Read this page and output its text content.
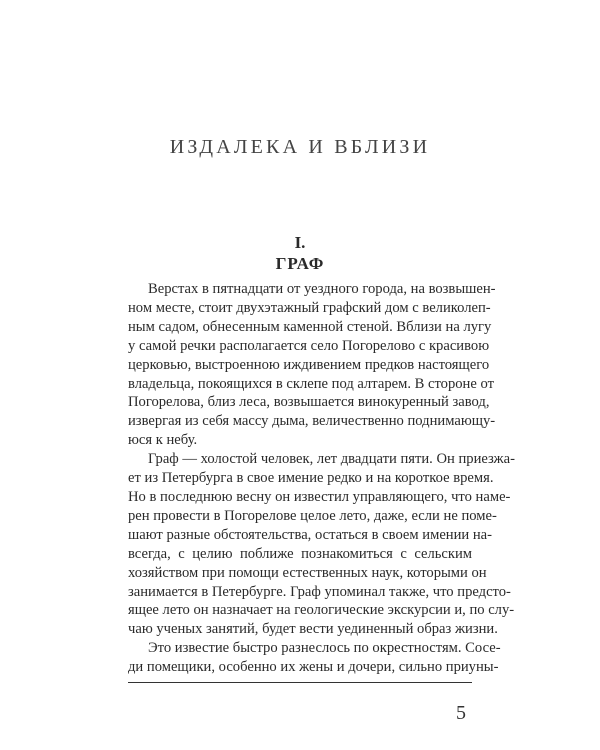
ИЗДАЛЕКА И ВБЛИЗИ
I.
ГРАФ
Верстах в пятнадцати от уездного города, на возвышен-
ном месте, стоит двухэтажный графский дом с великолеп-
ным садом, обнесенным каменной стеной. Вблизи на лугу
у самой речки располагается село Погорелово с красивою
церковью, выстроенною иждивением предков настоящего
владельца, покоящихся в склепе под алтарем. В стороне от
Погорелова, близ леса, возвышается винокуренный завод,
извергая из себя массу дыма, величественно поднимающу-
юся к небу.
Граф — холостой человек, лет двадцати пяти. Он приезжа-
ет из Петербурга в свое имение редко и на короткое время.
Но в последнюю весну он известил управляющего, что наме-
рен провести в Погорелове целое лето, даже, если не поме-
шают разные обстоятельства, остаться в своем имении на-
всегда, с целию поближе познакомиться с сельским
хозяйством при помощи естественных наук, которыми он
занимается в Петербурге. Граф упоминал также, что предсто-
ящее лето он назначает на геологические экскурсии и, по слу-
чаю ученых занятий, будет вести уединенный образ жизни.
Это известие быстро разнеслось по окрестностям. Сосе-
ди помещики, особенно их жены и дочери, сильно приуны-
5
